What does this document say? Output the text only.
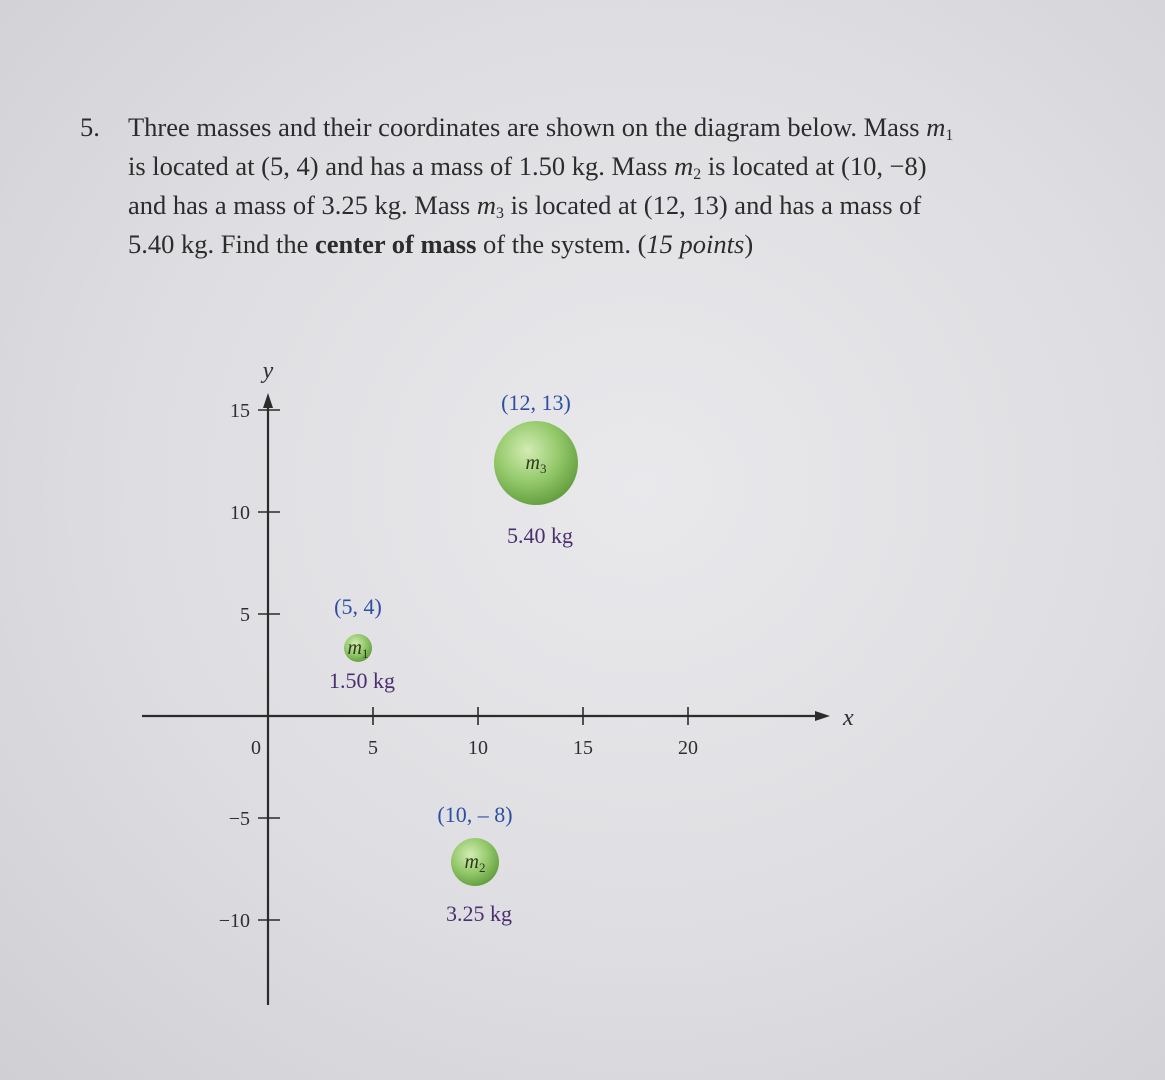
5. Three masses and their coordinates are shown on the diagram below. Mass $m_1$
is located at (5, 4) and has a mass of 1.50 kg. Mass $m_2$ is located at (10, −8)
and has a mass of 3.25 kg. Mass $m_3$ is located at (12, 13) and has a mass of
5.40 kg. Find the center of mass of the system. (15 points)
x
y
0	5	10	15	20
15
10
5
−5
−10
(5, 4)
$m_1$
1.50 kg
(10, – 8)
$m_2$
3.25 kg
(12, 13)
$m_3$
5.40 kg
